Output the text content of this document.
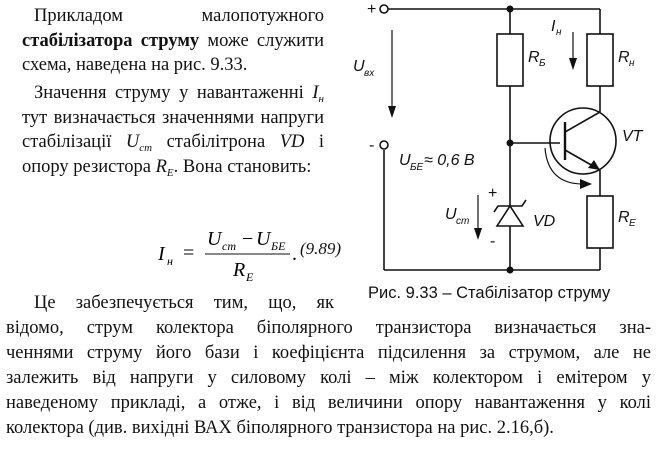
Прикладом малопотужного стабілізатора струму може служити схема, наведена на рис. 9.33.

Значення струму у навантаженні $I_н$ тут визначається значеннями напруги стабілізації $U_{ст}$ стабілітрона VD і опору резистора $R_E$. Вона становить:

I н =
U ст − U БЕ
R E
. (9.89)
+
-
U вх
R Б	R н
I н
VT
U БЕ ≈ 0,6 В
U ст	VD	R E
+
-
Рис. 9.33 – Стабілізатор струму
Це забезпечується тим, що, як
відомо, струм колектора біполярного транзистора визначається зна-
ченнями струму його бази і коефіцієнта підсилення за струмом, але не
залежить від напруги у силовому колі – між колектором і емітером у
наведеному прикладі, а отже, і від величини опору навантаження у колі
колектора (див. вихідні ВАХ біполярного транзистора на рис. 2.16,б).
